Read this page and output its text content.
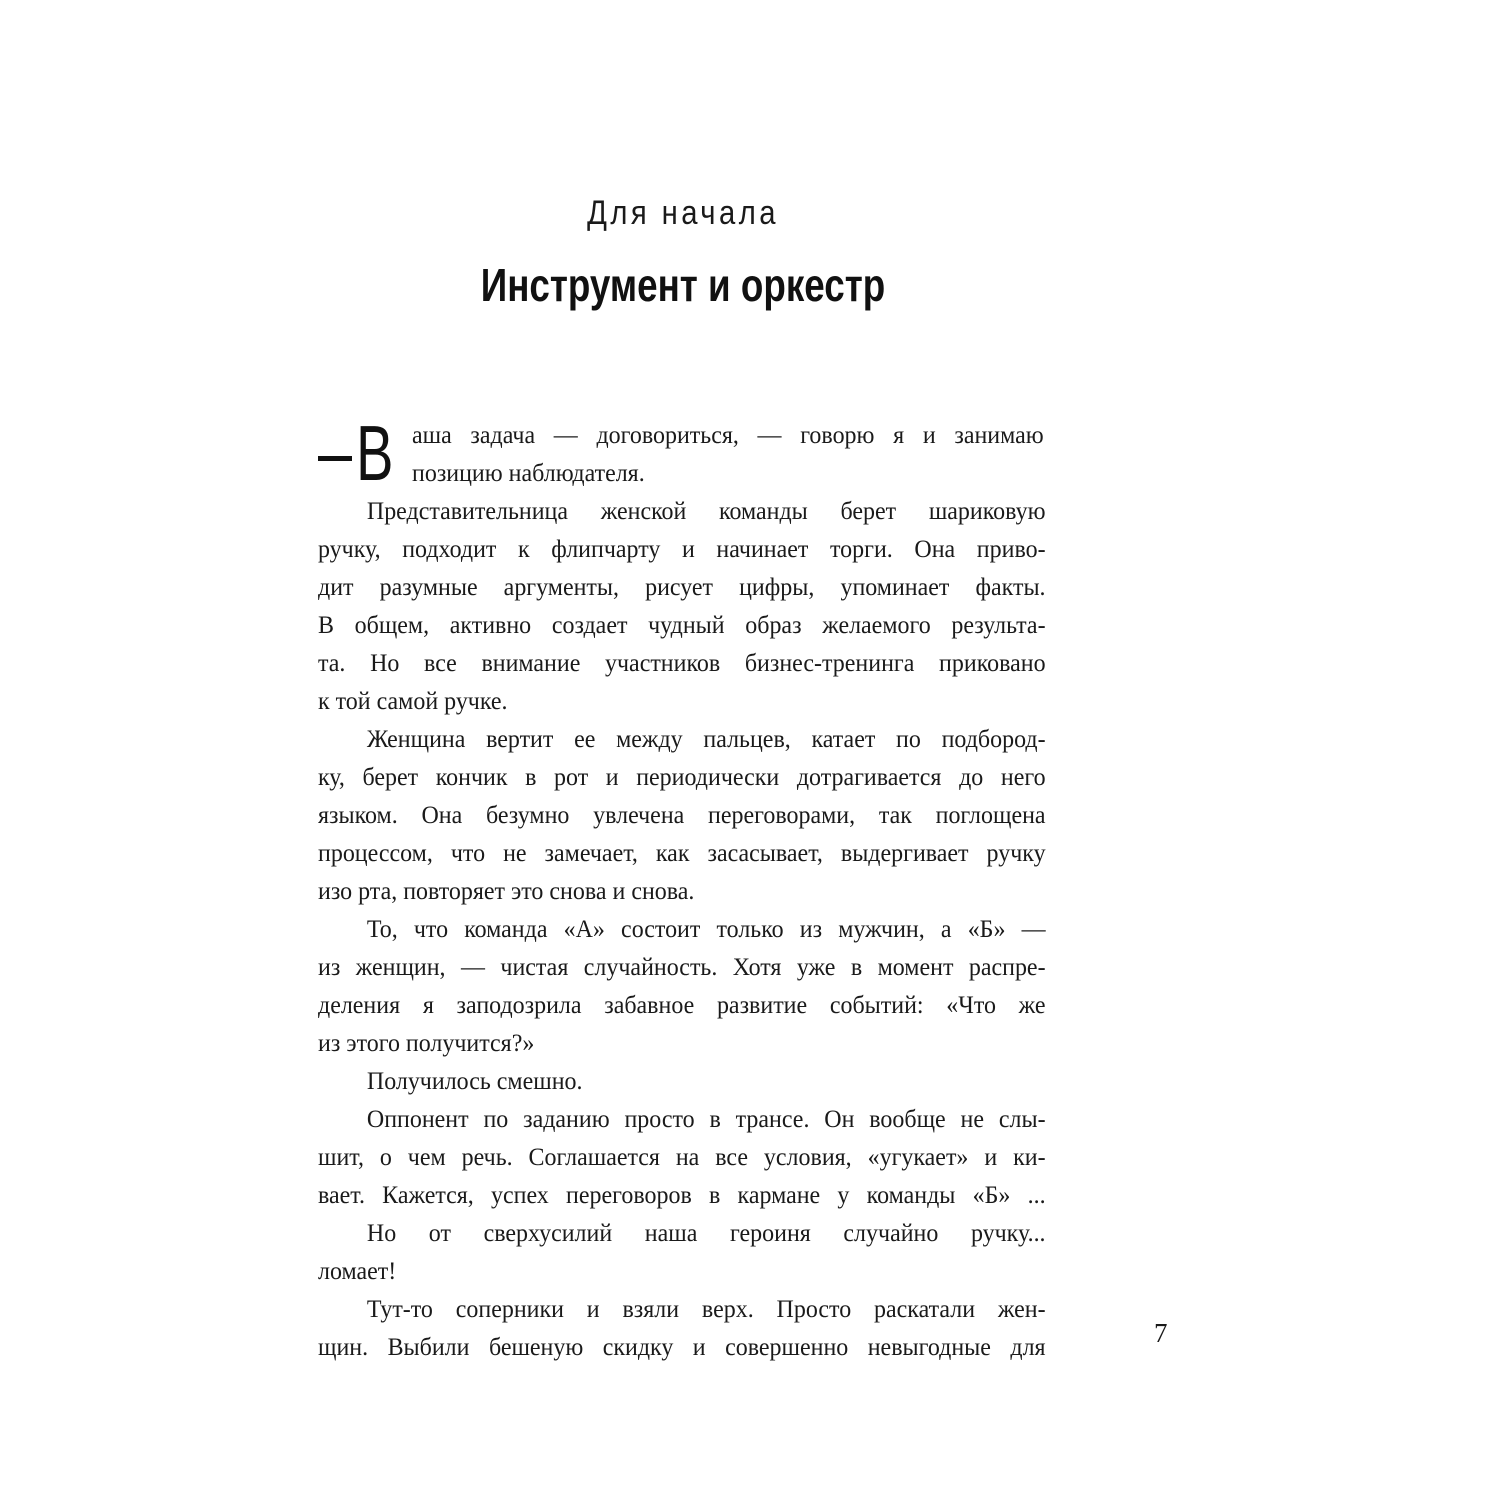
Для начала
Инструмент и оркестр
В аша задача — договориться, — говорю я и занимаю
позицию наблюдателя.
Представительница женской команды берет шариковую
ручку, подходит к флипчарту и начинает торги. Она приво-
дит разумные аргументы, рисует цифры, упоминает факты.
В общем, активно создает чудный образ желаемого результа-
та. Но все внимание участников бизнес-тренинга приковано
к той самой ручке.
Женщина вертит ее между пальцев, катает по подбород-
ку, берет кончик в рот и периодически дотрагивается до него
языком. Она безумно увлечена переговорами, так поглощена
процессом, что не замечает, как засасывает, выдергивает ручку
изо рта, повторяет это снова и снова.
То, что команда «А» состоит только из мужчин, а «Б» —
из женщин, — чистая случайность. Хотя уже в момент распре-
деления я заподозрила забавное развитие событий: «Что же
из этого получится?»
Получилось смешно.
Оппонент по заданию просто в трансе. Он вообще не слы-
шит, о чем речь. Соглашается на все условия, «угукает» и ки-
вает. Кажется, успех переговоров в кармане у команды «Б» ...
Но от сверхусилий наша героиня случайно ручку...
ломает!
Тут-то соперники и взяли верх. Просто раскатали жен-
щин. Выбили бешеную скидку и совершенно невыгодные для	7
